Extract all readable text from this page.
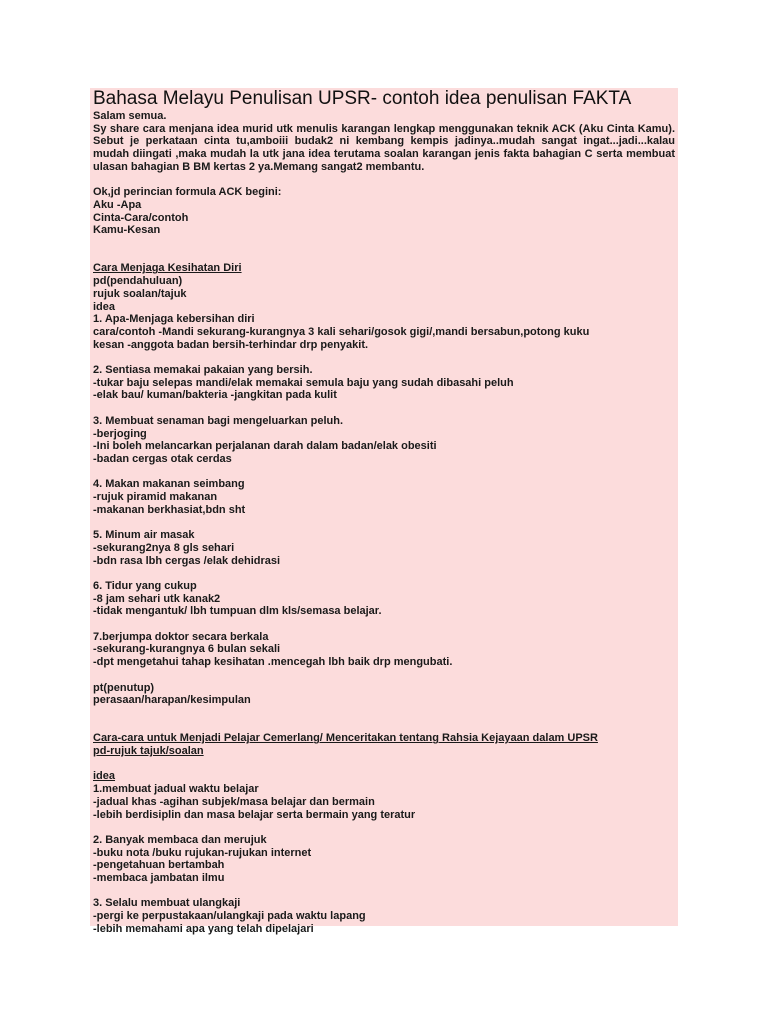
Bahasa Melayu Penulisan UPSR- contoh idea penulisan FAKTA
Salam semua.
Sy share cara menjana idea murid utk menulis karangan lengkap menggunakan teknik ACK (Aku Cinta Kamu). Sebut je perkataan cinta tu,amboiii budak2 ni kembang kempis jadinya..mudah sangat ingat...jadi...kalau mudah diingati ,maka mudah la utk jana idea terutama soalan karangan jenis fakta bahagian C serta membuat ulasan bahagian B BM kertas 2 ya.Memang sangat2 membantu.
Ok,jd perincian formula ACK begini:
Aku -Apa
Cinta-Cara/contoh
Kamu-Kesan
Cara Menjaga Kesihatan Diri
pd(pendahuluan)
rujuk soalan/tajuk
idea
1. Apa-Menjaga kebersihan diri
cara/contoh -Mandi sekurang-kurangnya 3 kali sehari/gosok gigi/,mandi bersabun,potong kuku
kesan -anggota badan bersih-terhindar drp penyakit.
2. Sentiasa memakai pakaian yang bersih.
-tukar baju selepas mandi/elak memakai semula baju yang sudah dibasahi peluh
-elak bau/ kuman/bakteria -jangkitan pada kulit
3. Membuat senaman bagi mengeluarkan peluh.
-berjoging
-Ini boleh melancarkan perjalanan darah dalam badan/elak obesiti
-badan cergas otak cerdas
4. Makan makanan seimbang
-rujuk piramid makanan
-makanan berkhasiat,bdn sht
5. Minum air masak
-sekurang2nya 8 gls sehari
-bdn rasa lbh cergas /elak dehidrasi
6. Tidur yang cukup
-8 jam sehari utk kanak2
-tidak mengantuk/ lbh tumpuan dlm kls/semasa belajar.
7.berjumpa doktor secara berkala
-sekurang-kurangnya 6 bulan sekali
-dpt mengetahui tahap kesihatan .mencegah lbh baik drp mengubati.
pt(penutup)
perasaan/harapan/kesimpulan
Cara-cara untuk Menjadi Pelajar Cemerlang/ Menceritakan tentang Rahsia Kejayaan dalam UPSR
pd-rujuk tajuk/soalan
idea
1.membuat jadual waktu belajar
-jadual khas -agihan subjek/masa belajar dan bermain
-lebih berdisiplin dan masa belajar serta bermain yang teratur
2. Banyak membaca dan merujuk
-buku nota /buku rujukan-rujukan internet
-pengetahuan bertambah
-membaca jambatan ilmu
3. Selalu membuat ulangkaji
-pergi ke perpustakaan/ulangkaji pada waktu lapang
-lebih memahami apa yang telah dipelajari
